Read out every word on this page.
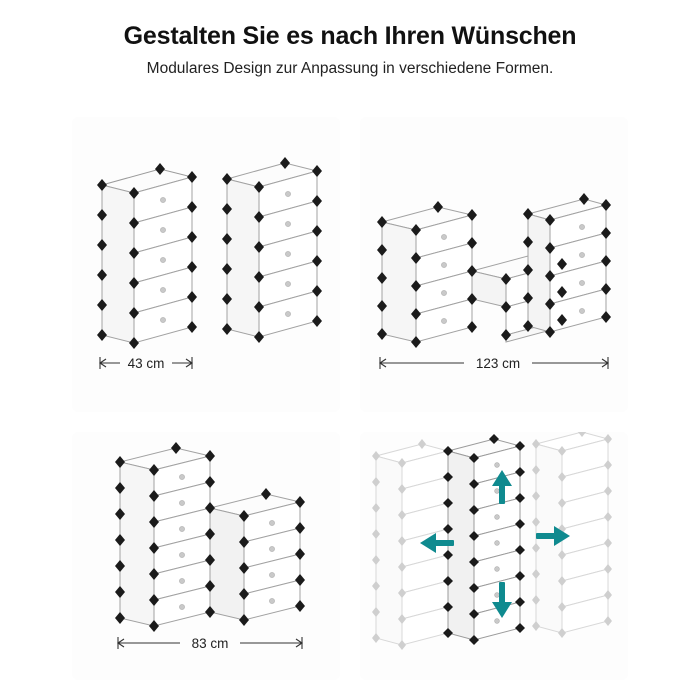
Gestalten Sie es nach Ihren Wünschen

Modulares Design zur Anpassung in verschiedene Formen.

43 cm	123 cm
83 cm
